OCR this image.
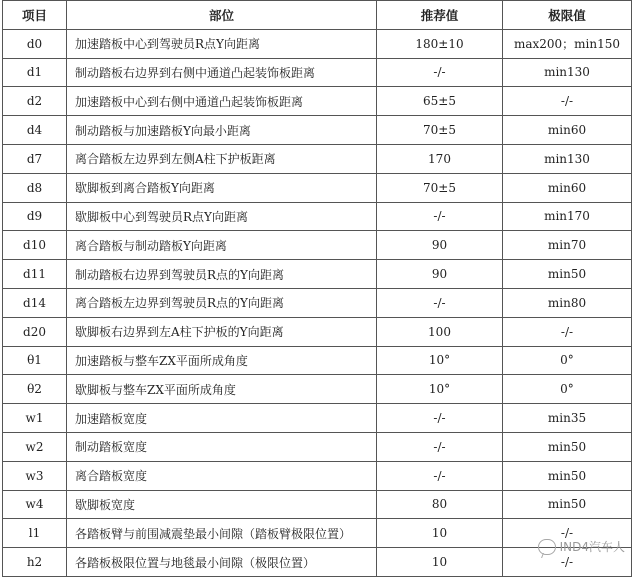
项目	部位	推荐值	极限值
d0	加速踏板中心到驾驶员R点Y向距离	180±10	max200；min150
d1	制动踏板右边界到右侧中通道凸起装饰板距离	-/-	min130
d2	加速踏板中心到右侧中通道凸起装饰板距离	65±5	-/-
d4	制动踏板与加速踏板Y向最小距离	70±5	min60
d7	离合踏板左边界到左侧A柱下护板距离	170	min130
d8	歇脚板到离合踏板Y向距离	70±5	min60
d9	歇脚板中心到驾驶员R点Y向距离	-/-	min170
d10	离合踏板与制动踏板Y向距离	90	min70
d11	制动踏板右边界到驾驶员R点的Y向距离	90	min50
d14	离合踏板左边界到驾驶员R点的Y向距离	-/-	min80
d20	歇脚板右边界到左A柱下护板的Y向距离	100	-/-
θ1	加速踏板与整车ZX平面所成角度	10°	0°
θ2	歇脚板与整车ZX平面所成角度	10°	0°
w1	加速踏板宽度	-/-	min35
w2	制动踏板宽度	-/-	min50
w3	离合踏板宽度	-/-	min50
w4	歇脚板宽度	80	min50
l1	各踏板臂与前围减震垫最小间隙（踏板臂极限位置）	10	-/-
h2	各踏板极限位置与地毯最小间隙（极限位置）	10	-/-
IND4汽车人
